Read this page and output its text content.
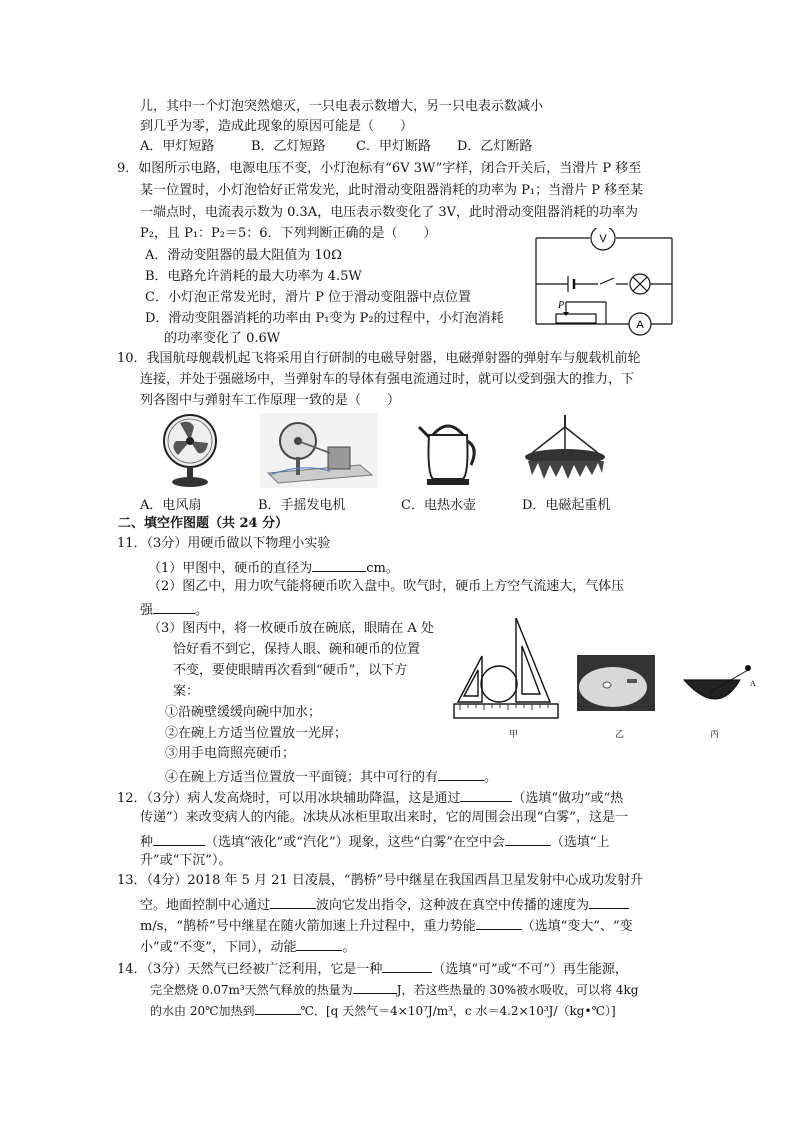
儿，其中一个灯泡突然熄灭，一只电表示数增大，另一只电表示数减小
到几乎为零，造成此现象的原因可能是（　　）
A．甲灯短路	B．乙灯短路 C．甲灯断路 D．乙灯断路
9．如图所示电路，电源电压不变，小灯泡标有“6V 3W”字样，闭合开关后，当滑片 P 移至
某一位置时，小灯泡恰好正常发光，此时滑动变阻器消耗的功率为 P₁；当滑片 P 移至某
一端点时，电流表示数为 0.3A，电压表示数变化了 3V，此时滑动变阻器消耗的功率为
P₂，且 P₁：P₂＝5：6．下列判断正确的是（　　）
A．滑动变阻器的最大阻值为 10Ω
B．电路允许消耗的最大功率为 4.5W
C．小灯泡正常发光时，滑片 P 位于滑动变阻器中点位置
D．滑动变阻器消耗的功率由 P₁变为 P₂的过程中，小灯泡消耗
的功率变化了 0.6W
V
A
P
10．我国航母舰载机起飞将采用自行研制的电磁导射器，电磁弹射器的弹射车与舰载机前轮
连接，并处于强磁场中，当弹射车的导体有强电流通过时，就可以受到强大的推力，下
列各图中与弹射车工作原理一致的是（　　）
A．电风扇	B．手摇发电机	C．电热水壶	D．电磁起重机
二、填空作图题（共 24 分）
11．（3分）用硬币做以下物理小实验
（1）甲图中，硬币的直径为	cm。
（2）图乙中，用力吹气能将硬币吹入盘中。吹气时，硬币上方空气流速大，气体压
强	。
（3）图丙中，将一枚硬币放在碗底，眼睛在 A 处
恰好看不到它，保持人眼、碗和硬币的位置
不变，要使眼睛再次看到“硬币”，以下方
案：
①沿碗壁缓缓向碗中加水；
②在碗上方适当位置放一光屏；
③用手电筒照亮硬币；
④在碗上方适当位置放一平面镜；其中可行的有	。
A
甲	乙	丙
12．（3分）病人发高烧时，可以用冰块辅助降温，这是通过	（选填“做功”或“热
传递”）来改变病人的内能。冰块从冰柜里取出来时，它的周围会出现“白雾”，这是一
种	（选填“液化”或“汽化”）现象，这些“白雾”在空中会	（选填“上
升”或“下沉”）。
13．（4分）2018 年 5 月 21 日凌晨，“鹊桥”号中继星在我国西昌卫星发射中心成功发射升
空。地面控制中心通过	波向它发出指令，这种波在真空中传播的速度为
m/s，“鹊桥”号中继星在随火箭加速上升过程中，重力势能	（选填“变大”、“变
小”或“不变”，下同），动能	。
14．（3分）天然气已经被广泛利用，它是一种	（选填“可”或“不可”）再生能源，
完全燃烧 0.07m³天然气释放的热量为	J，若这些热量的 30%被水吸收，可以将 4kg
的水由 20℃加热到	℃．[q 天然气＝4×10⁷J/m³，c 水＝4.2×10³J/（kg•℃）]
